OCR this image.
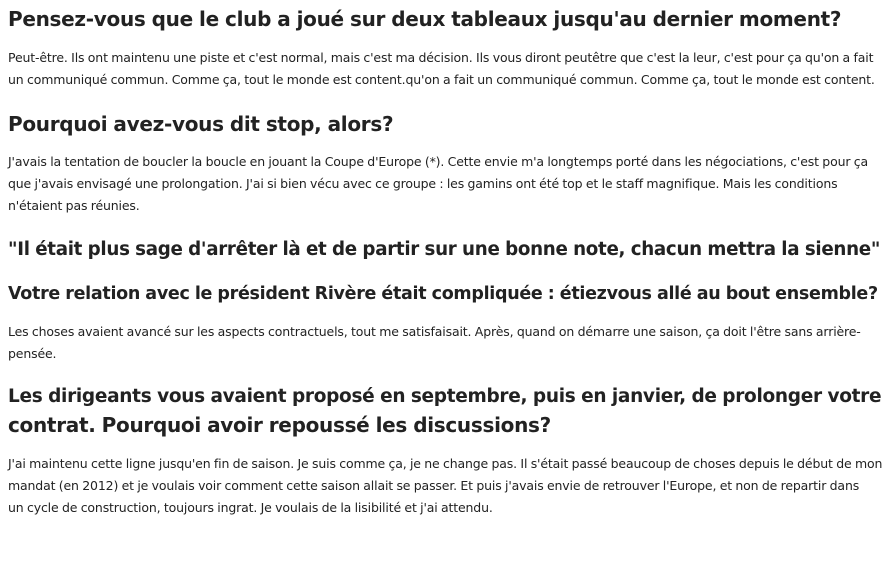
Pensez-vous que le club a joué sur deux tableaux jusqu'au dernier moment?

Peut-être. Ils ont maintenu une piste et c'est normal, mais c'est ma décision. Ils vous diront peutêtre que c'est la leur, c'est pour ça qu'on a fait
un communiqué commun. Comme ça, tout le monde est content.qu'on a fait un communiqué commun. Comme ça, tout le monde est content.

Pourquoi avez-vous dit stop, alors?

J'avais la tentation de boucler la boucle en jouant la Coupe d'Europe (*). Cette envie m'a longtemps porté dans les négociations, c'est pour ça
que j'avais envisagé une prolongation. J'ai si bien vécu avec ce groupe : les gamins ont été top et le staff magnifique. Mais les conditions
n'étaient pas réunies.

"Il était plus sage d'arrêter là et de partir sur une bonne note, chacun mettra la sienne"
Votre relation avec le président Rivère était compliquée : étiezvous allé au bout ensemble?

Les choses avaient avancé sur les aspects contractuels, tout me satisfaisait. Après, quand on démarre une saison, ça doit l'être sans arrière-
pensée.

Les dirigeants vous avaient proposé en septembre, puis en janvier, de prolonger votre
contrat. Pourquoi avoir repoussé les discussions?

J'ai maintenu cette ligne jusqu'en fin de saison. Je suis comme ça, je ne change pas. Il s'était passé beaucoup de choses depuis le début de mon
mandat (en 2012) et je voulais voir comment cette saison allait se passer. Et puis j'avais envie de retrouver l'Europe, et non de repartir dans
un cycle de construction, toujours ingrat. Je voulais de la lisibilité et j'ai attendu.
